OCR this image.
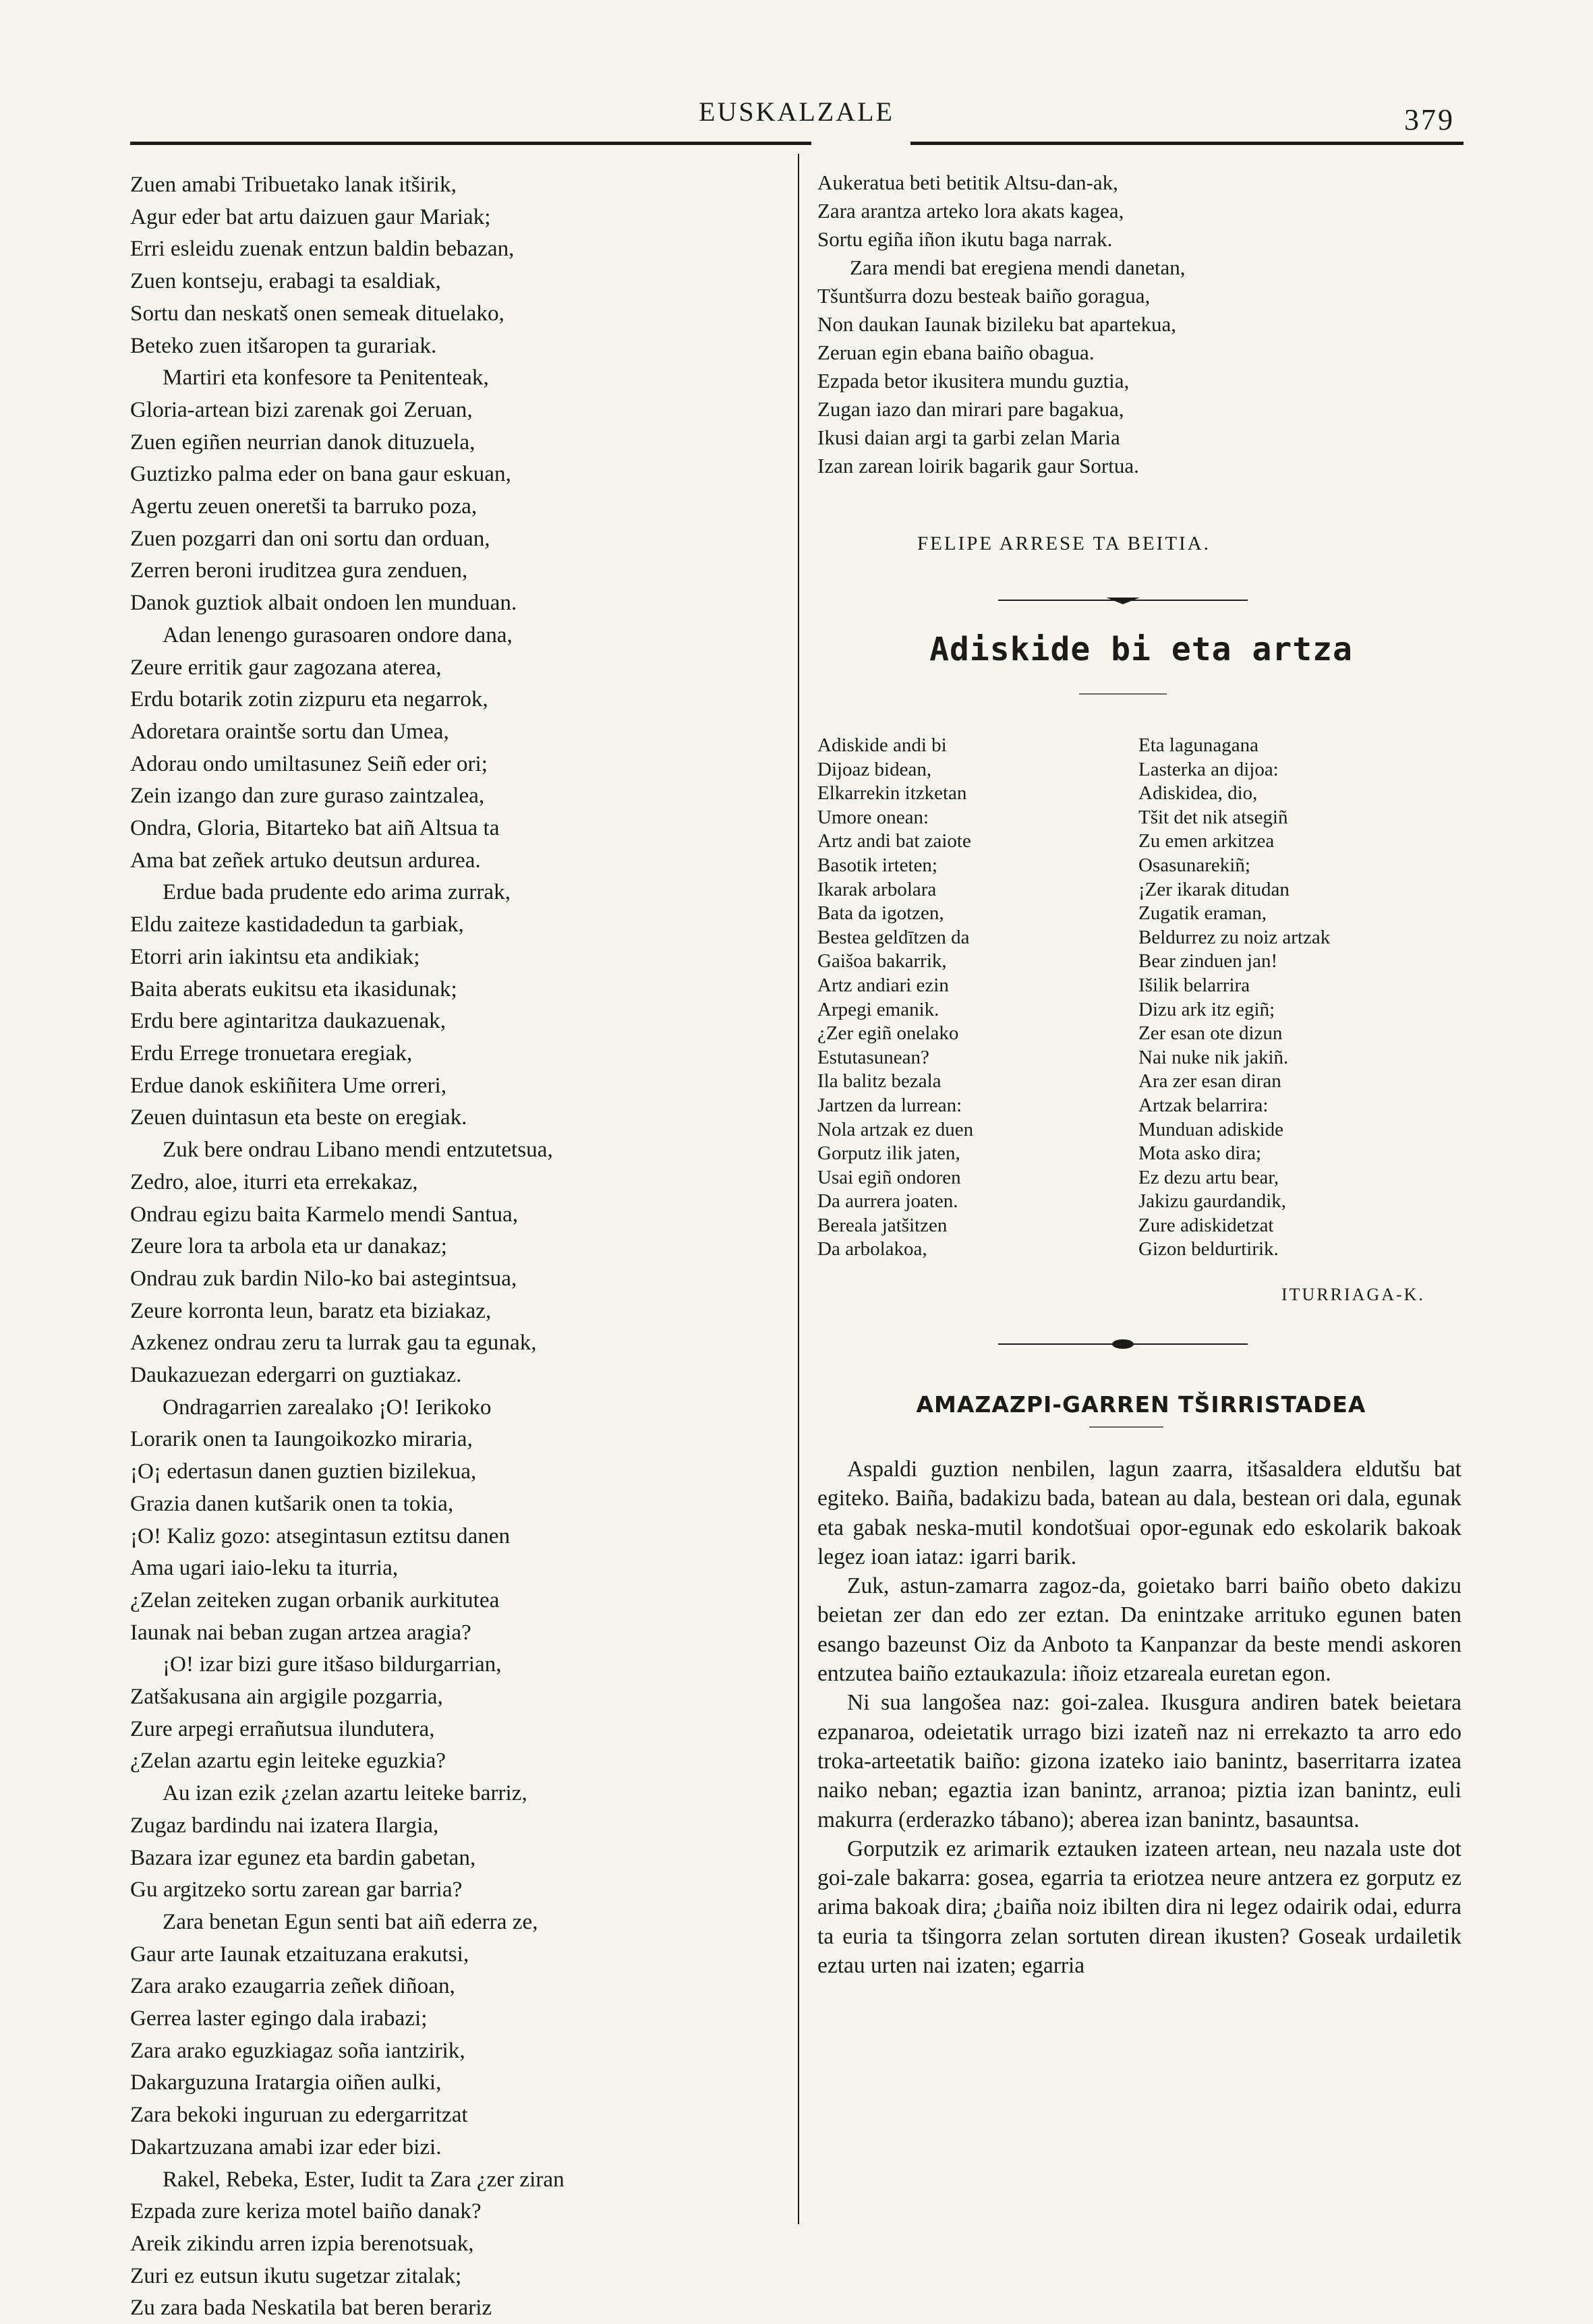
EUSKALZALE	379
Zuen amabi Tribuetako lanak itširik,
Agur eder bat artu daizuen gaur Mariak;
Erri esleidu zuenak entzun baldin bebazan,
Zuen kontseju, erabagi ta esaldiak,
Sortu dan neskatš onen semeak dituelako,
Beteko zuen itšaropen ta gurariak.
Martiri eta konfesore ta Penitenteak,
Gloria-artean bizi zarenak goi Zeruan,
Zuen egiñen neurrian danok dituzuela,
Guztizko palma eder on bana gaur eskuan,
Agertu zeuen oneretši ta barruko poza,
Zuen pozgarri dan oni sortu dan orduan,
Zerren beroni iruditzea gura zenduen,
Danok guztiok albait ondoen len munduan.
Adan lenengo gurasoaren ondore dana,
Zeure erritik gaur zagozana aterea,
Erdu botarik zotin zizpuru eta negarrok,
Adoretara oraintše sortu dan Umea,
Adorau ondo umiltasunez Seiñ eder ori;
Zein izango dan zure guraso zaintzalea,
Ondra, Gloria, Bitarteko bat aiñ Altsua ta
Ama bat zeñek artuko deutsun ardurea.
Erdue bada prudente edo arima zurrak,
Eldu zaiteze kastidadedun ta garbiak,
Etorri arin iakintsu eta andikiak;
Baita aberats eukitsu eta ikasidunak;
Erdu bere agintaritza daukazuenak,
Erdu Errege tronuetara eregiak,
Erdue danok eskiñitera Ume orreri,
Zeuen duintasun eta beste on eregiak.
Zuk bere ondrau Libano mendi entzutetsua,
Zedro, aloe, iturri eta errekakaz,
Ondrau egizu baita Karmelo mendi Santua,
Zeure lora ta arbola eta ur danakaz;
Ondrau zuk bardin Nilo-ko bai astegintsua,
Zeure korronta leun, baratz eta biziakaz,
Azkenez ondrau zeru ta lurrak gau ta egunak,
Daukazuezan edergarri on guztiakaz.
Ondragarrien zarealako ¡O! Ierikoko
Lorarik onen ta Iaungoikozko miraria,
¡O¡ edertasun danen guztien bizilekua,
Grazia danen kutšarik onen ta tokia,
¡O! Kaliz gozo: atsegintasun eztitsu danen
Ama ugari iaio-leku ta iturria,
¿Zelan zeiteken zugan orbanik aurkitutea
Iaunak nai beban zugan artzea aragia?
¡O! izar bizi gure itšaso bildurgarrian,
Zatšakusana ain argigile pozgarria,
Zure arpegi errañutsua ilundutera,
¿Zelan azartu egin leiteke eguzkia?
Au izan ezik ¿zelan azartu leiteke barriz,
Zugaz bardindu nai izatera Ilargia,
Bazara izar egunez eta bardin gabetan,
Gu argitzeko sortu zarean gar barria?
Zara benetan Egun senti bat aiñ ederra ze,
Gaur arte Iaunak etzaituzana erakutsi,
Zara arako ezaugarria zeñek diñoan,
Gerrea laster egingo dala irabazi;
Zara arako eguzkiagaz soña iantzirik,
Dakarguzuna Iratargia oiñen aulki,
Zara bekoki inguruan zu edergarritzat
Dakartzuzana amabi izar eder bizi.
Rakel, Rebeka, Ester, Iudit ta Zara ¿zer ziran
Ezpada zure keriza motel baiño danak?
Areik zikindu arren izpia berenotsuak,
Zuri ez eutsun ikutu sugetzar zitalak;
Zu zara bada Neskatila bat beren berariz
Aukeratua beti betitik Altsu-dan-ak,
Zara arantza arteko lora akats kagea,
Sortu egiña iñon ikutu baga narrak.
Zara mendi bat eregiena mendi danetan,
Tšuntšurra dozu besteak baiño goragua,
Non daukan Iaunak bizileku bat apartekua,
Zeruan egin ebana baiño obagua.
Ezpada betor ikusitera mundu guztia,
Zugan iazo dan mirari pare bagakua,
Ikusi daian argi ta garbi zelan Maria
Izan zarean loirik bagarik gaur Sortua.
FELIPE ARRESE TA BEITIA.
Adiskide bi eta artza
Adiskide andi bi
Dijoaz bidean,
Elkarrekin itzketan
Umore onean:
Artz andi bat zaiote
Basotik irteten;
Ikarak arbolara
Bata da igotzen,
Bestea geldītzen da
Gaišoa bakarrik,
Artz andiari ezin
Arpegi emanik.
¿Zer egiñ onelako
Estutasunean?
Ila balitz bezala
Jartzen da lurrean:
Nola artzak ez duen
Gorputz ilik jaten,
Usai egiñ ondoren
Da aurrera joaten.
Bereala jatšitzen
Da arbolakoa,
Eta lagunagana
Lasterka an dijoa:
Adiskidea, dio,
Tšit det nik atsegiñ
Zu emen arkitzea
Osasunarekiñ;
¡Zer ikarak ditudan
Zugatik eraman,
Beldurrez zu noiz artzak
Bear zinduen jan!
Išilik belarrira
Dizu ark itz egiñ;
Zer esan ote dizun
Nai nuke nik jakiñ.
Ara zer esan diran
Artzak belarrira:
Munduan adiskide
Mota asko dira;
Ez dezu artu bear,
Jakizu gaurdandik,
Zure adiskidetzat
Gizon beldurtirik.
ITURRIAGA-K.
AMAZAZPI-GARREN TŠIRRISTADEA

Aspaldi guztion nenbilen, lagun zaarra, itšasaldera eldutšu bat egiteko. Baiña, badakizu bada, batean au dala, bestean ori dala, egunak eta gabak neska-mutil kondotšuai opor-egunak edo eskolarik bakoak legez ioan iataz: igarri barik.

Zuk, astun-zamarra zagoz-da, goietako barri baiño obeto dakizu beietan zer dan edo zer eztan. Da enintzake arrituko egunen baten esango bazeunst Oiz da Anboto ta Kanpanzar da beste mendi askoren entzutea baiño eztaukazula: iñoiz etzareala euretan egon.

Ni sua langošea naz: goi-zalea. Ikusgura andiren batek beietara ezpanaroa, odeietatik urrago bizi izateñ naz ni errekazto ta arro edo troka-arteetatik baiño: gizona izateko iaio banintz, baserritarra izatea naiko neban; egaztia izan banintz, arranoa; piztia izan banintz, euli makurra (erderazko tábano); aberea izan banintz, basauntsa.

Gorputzik ez arimarik eztauken izateen artean, neu nazala uste dot goi-zale bakarra: gosea, egarria ta eriotzea neure antzera ez gorputz ez arima bakoak dira; ¿baiña noiz ibilten dira ni legez odairik odai, edurra ta euria ta tšingorra zelan sortuten direan ikusten? Goseak urdailetik eztau urten nai izaten; egarria
